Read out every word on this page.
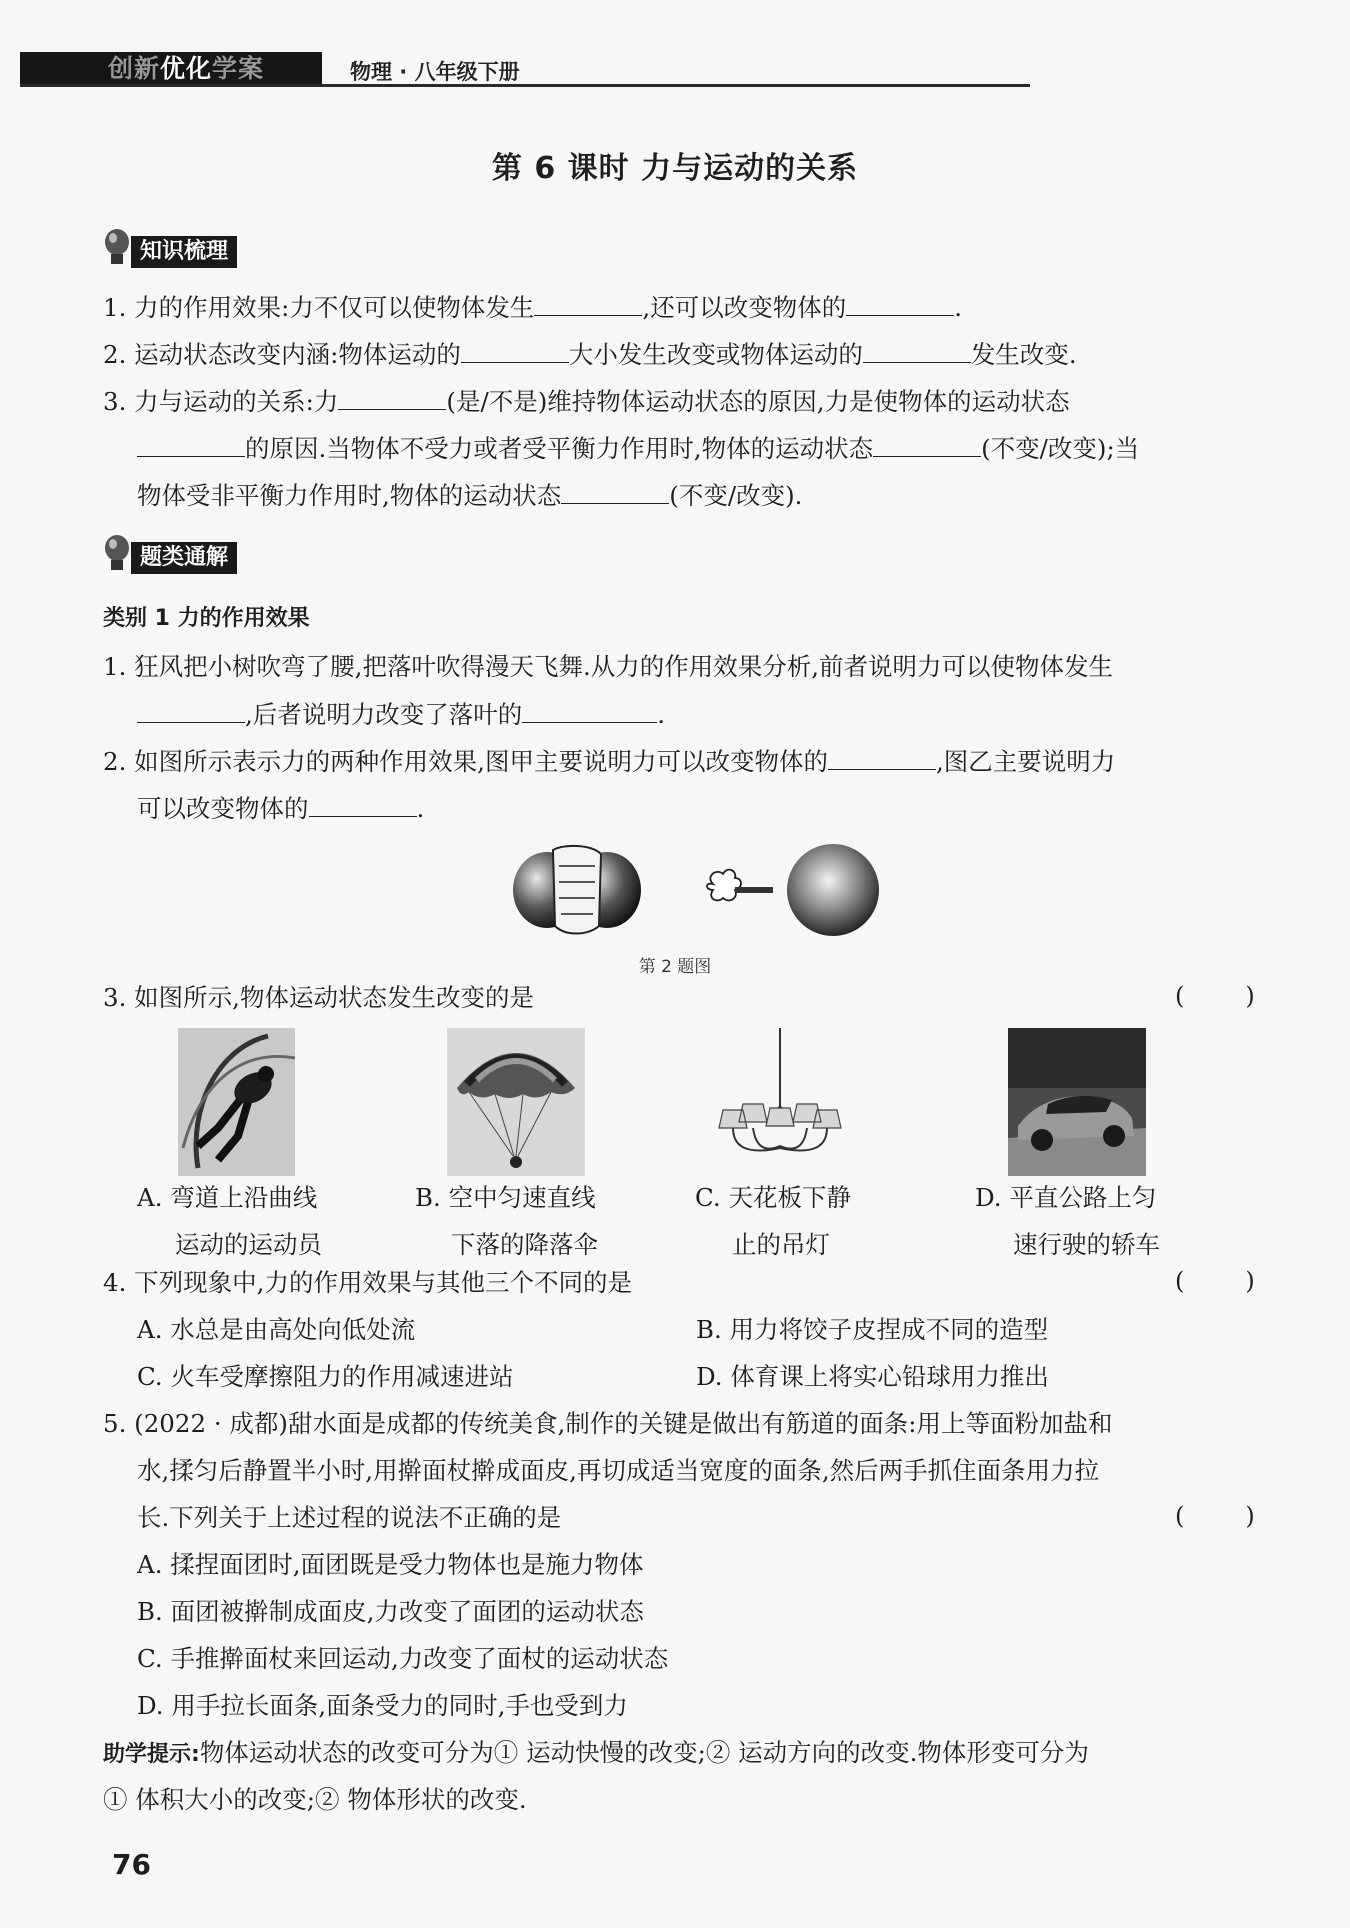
创新优化学案	物理 · 八年级下册
第 6 课时 力与运动的关系
知识梳理
1. 力的作用效果:力不仅可以使物体发生	,还可以改变物体的	.
2. 运动状态改变内涵:物体运动的	大小发生改变或物体运动的	发生改变.
3. 力与运动的关系:力	(是/不是)维持物体运动状态的原因,力是使物体的运动状态
的原因.当物体不受力或者受平衡力作用时,物体的运动状态	(不变/改变);当
物体受非平衡力作用时,物体的运动状态	(不变/改变).
题类通解
类别 1 力的作用效果
1. 狂风把小树吹弯了腰,把落叶吹得漫天飞舞.从力的作用效果分析,前者说明力可以使物体发生
,后者说明力改变了落叶的	.
2. 如图所示表示力的两种作用效果,图甲主要说明力可以改变物体的	,图乙主要说明力
可以改变物体的	.
第 2 题图
3. 如图所示,物体运动状态发生改变的是	(        )
A. 弯道上沿曲线
运动的运动员
B. 空中匀速直线
下落的降落伞
C. 天花板下静
止的吊灯
D. 平直公路上匀
速行驶的轿车
4. 下列现象中,力的作用效果与其他三个不同的是	(        )
A. 水总是由高处向低处流	B. 用力将饺子皮捏成不同的造型
C. 火车受摩擦阻力的作用减速进站	D. 体育课上将实心铅球用力推出
5. (2022 · 成都)甜水面是成都的传统美食,制作的关键是做出有筋道的面条:用上等面粉加盐和
水,揉匀后静置半小时,用擀面杖擀成面皮,再切成适当宽度的面条,然后两手抓住面条用力拉
长.下列关于上述过程的说法不正确的是	(        )
A. 揉捏面团时,面团既是受力物体也是施力物体
B. 面团被擀制成面皮,力改变了面团的运动状态
C. 手推擀面杖来回运动,力改变了面杖的运动状态
D. 用手拉长面条,面条受力的同时,手也受到力
助学提示:物体运动状态的改变可分为① 运动快慢的改变;② 运动方向的改变.物体形变可分为
① 体积大小的改变;② 物体形状的改变.
76
